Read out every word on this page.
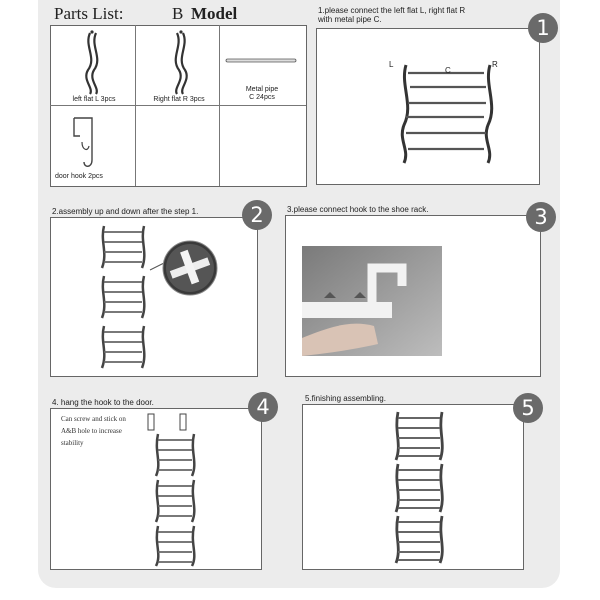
Parts List:	B Model
left flat L 3pcs	Right flat R 3pcs
Metal pipe
C 24pcs
door hook 2pcs
1.please connect the left flat L, right flat R
with metal pipe C.	1
L
C
R
2.assembly up and down after the step 1.	2	3.please connect hook to the shoe rack.	3
4. hang the hook to the door.	4
Can screw and stick on
A&B hole to increase
stability
5.finishing assembling.	5
